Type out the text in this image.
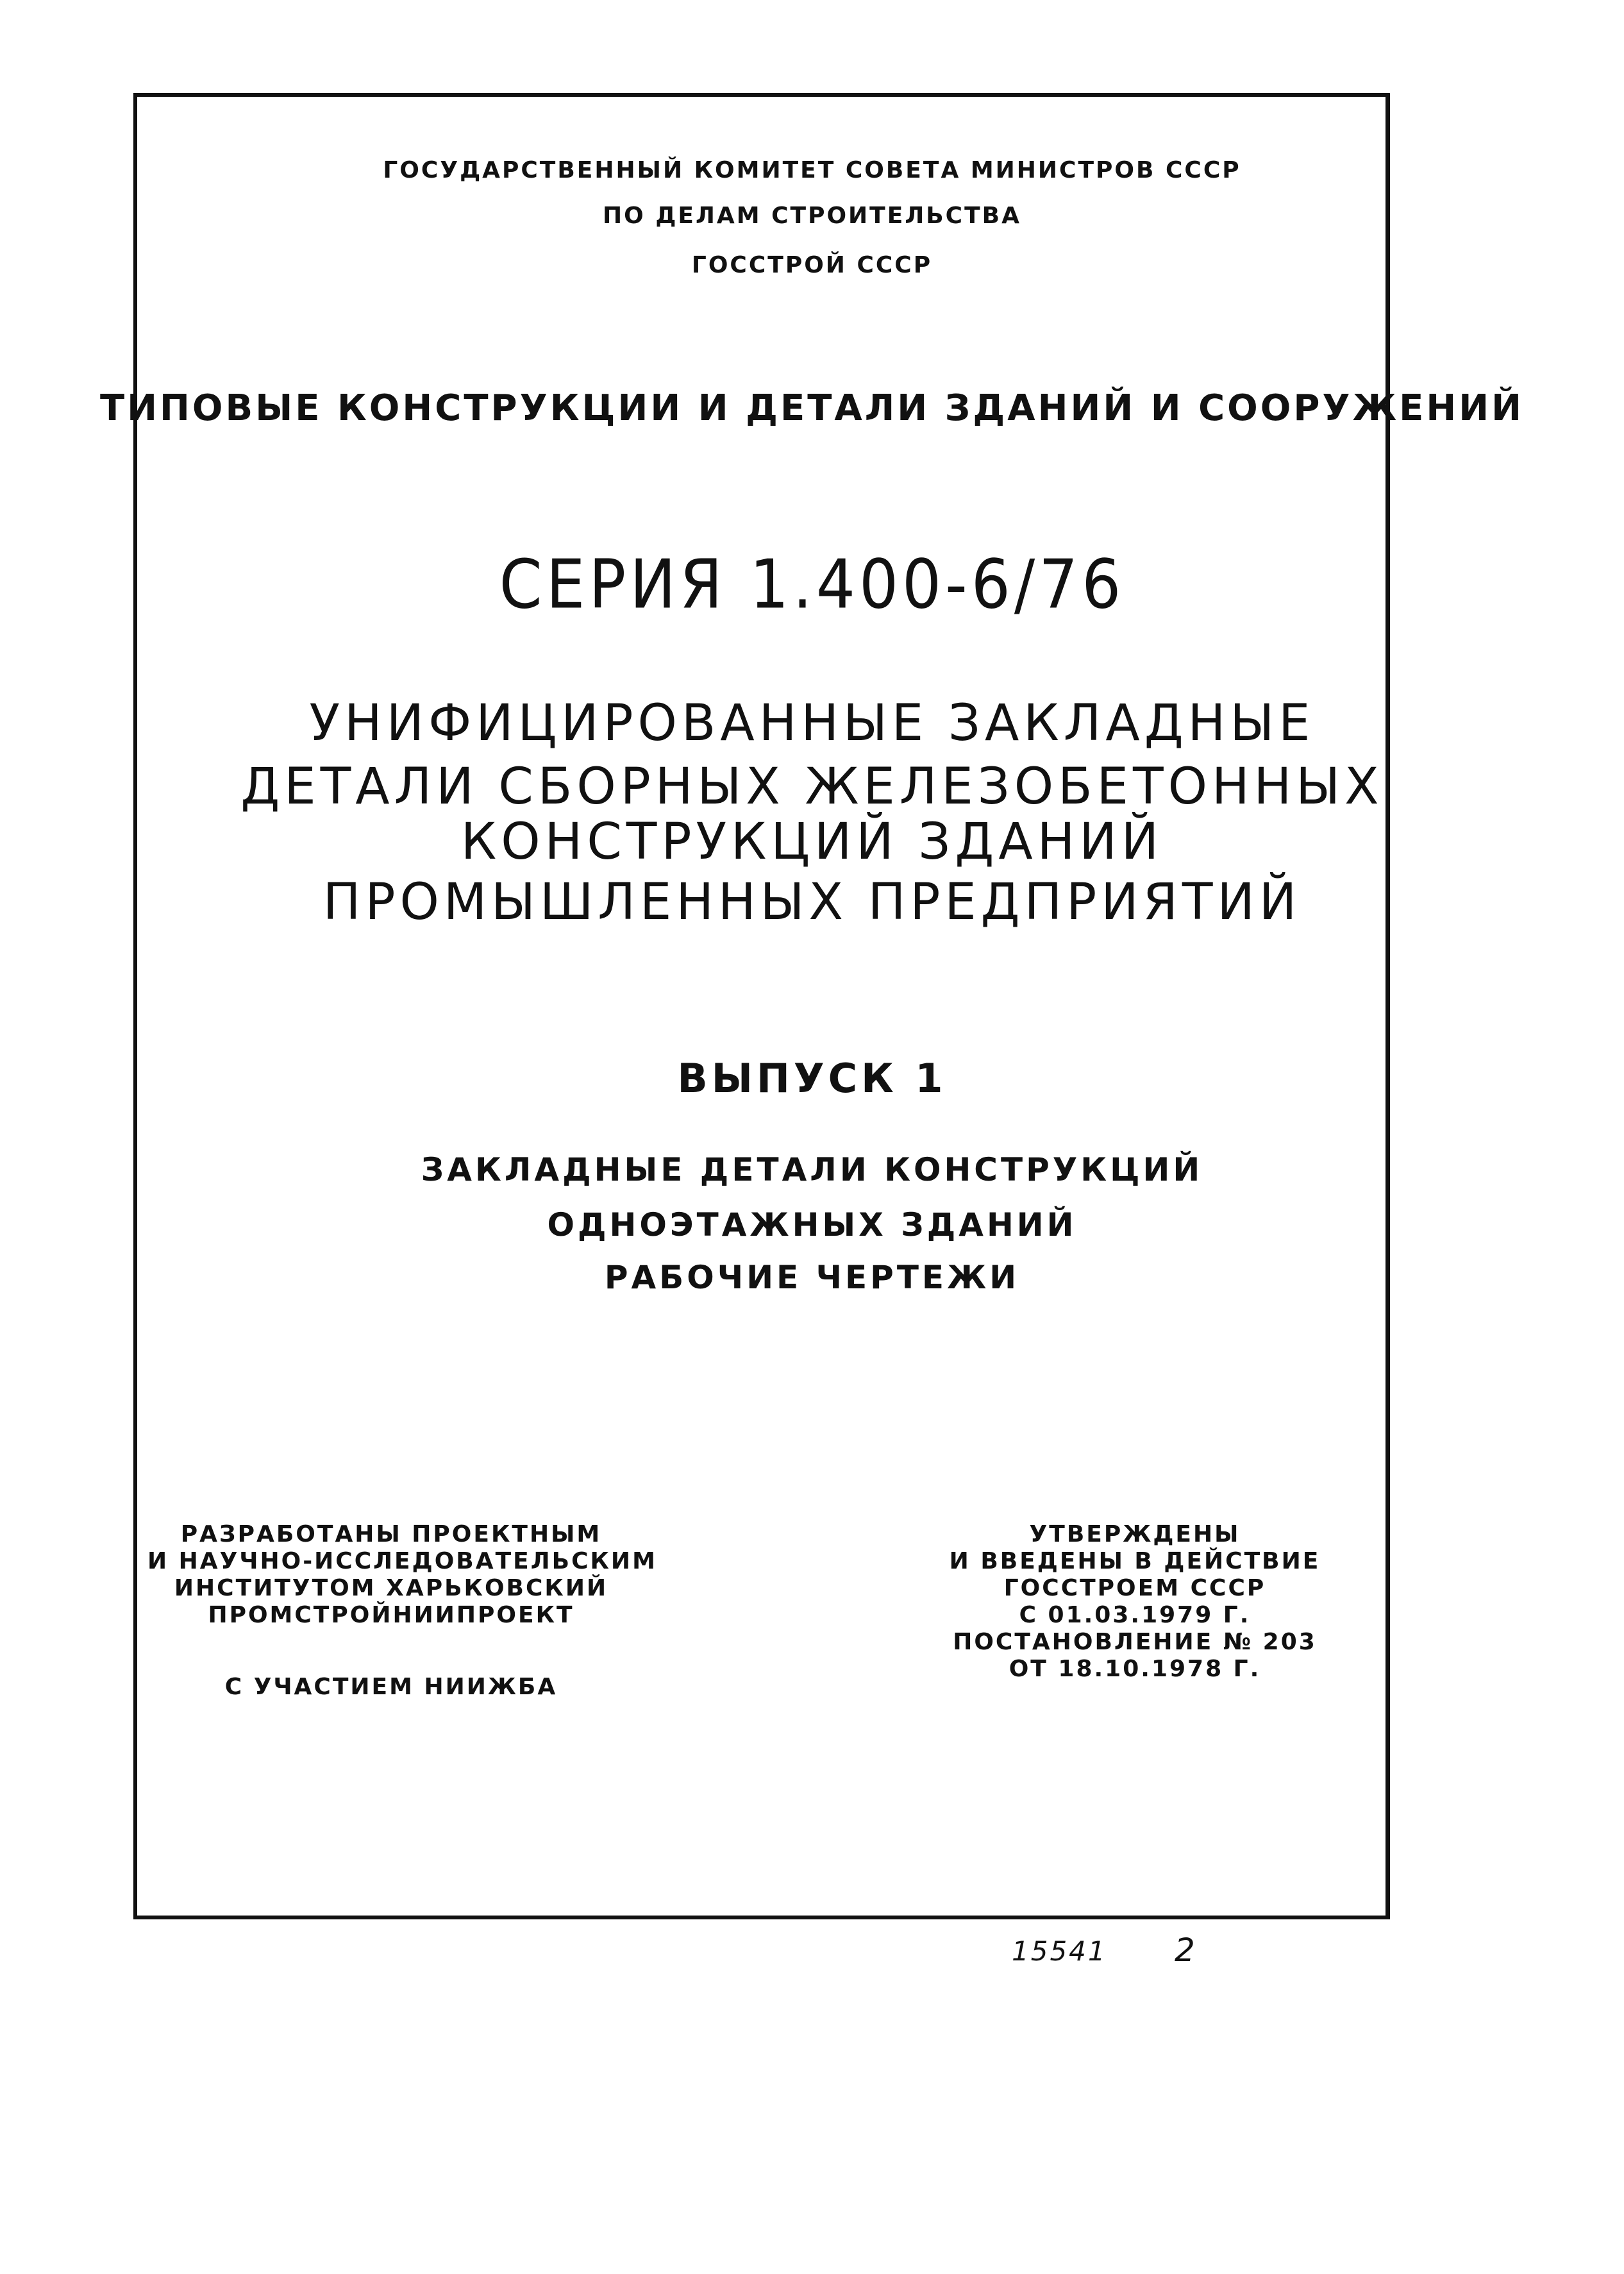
ГОСУДАРСТВЕННЫЙ КОМИТЕТ СОВЕТА МИНИСТРОВ СССР
ПО ДЕЛАМ СТРОИТЕЛЬСТВА
ГОССТРОЙ СССР
ТИПОВЫЕ КОНСТРУКЦИИ И ДЕТАЛИ ЗДАНИЙ И СООРУЖЕНИЙ
СЕРИЯ 1.400-6/76
УНИФИЦИРОВАННЫЕ ЗАКЛАДНЫЕ
ДЕТАЛИ СБОРНЫХ ЖЕЛЕЗОБЕТОННЫХ
КОНСТРУКЦИЙ ЗДАНИЙ
ПРОМЫШЛЕННЫХ ПРЕДПРИЯТИЙ
ВЫПУСК 1
ЗАКЛАДНЫЕ ДЕТАЛИ КОНСТРУКЦИЙ
ОДНОЭТАЖНЫХ ЗДАНИЙ
РАБОЧИЕ ЧЕРТЕЖИ
РАЗРАБОТАНЫ ПРОЕКТНЫМ
И НАУЧНО-ИССЛЕДОВАТЕЛЬСКИМ
ИНСТИТУТОМ ХАРЬКОВСКИЙ
ПРОМСТРОЙНИИПРОЕКТ
С УЧАСТИЕМ НИИЖБА
УТВЕРЖДЕНЫ
И ВВЕДЕНЫ В ДЕЙСТВИЕ
ГОССТРОЕМ СССР
С 01.03.1979 Г.
ПОСТАНОВЛЕНИЕ № 203
ОТ 18.10.1978 Г.
15541 2
